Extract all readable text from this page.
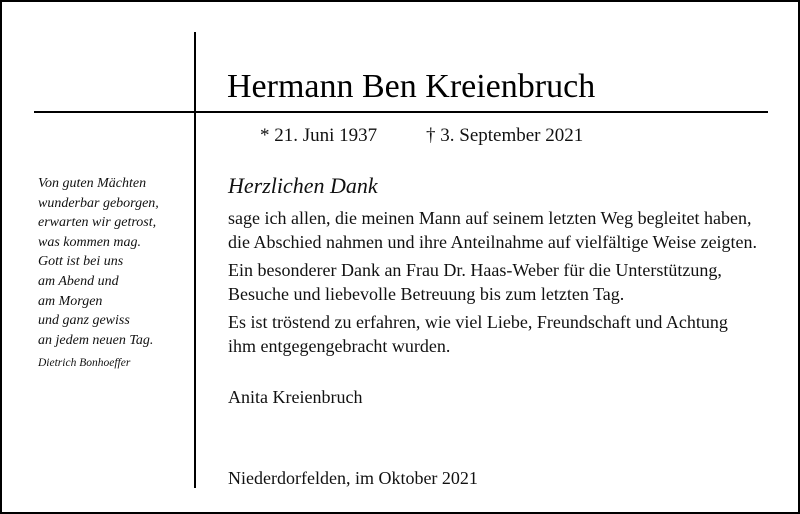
Hermann Ben Kreienbruch
* 21. Juni 1937	† 3. September 2021
Von guten Mächten
wunderbar geborgen,
erwarten wir getrost,
was kommen mag.
Gott ist bei uns
am Abend und
am Morgen
und ganz gewiss
an jedem neuen Tag.
Dietrich Bonhoeffer
Herzlichen Dank
sage ich allen, die meinen Mann auf seinem letzten Weg begleitet haben,
die Abschied nahmen und ihre Anteilnahme auf vielfältige Weise zeigten.
Ein besonderer Dank an Frau Dr. Haas-Weber für die Unterstützung,
Besuche und liebevolle Betreuung bis zum letzten Tag.
Es ist tröstend zu erfahren, wie viel Liebe, Freundschaft und Achtung
ihm entgegengebracht wurden.
Anita Kreienbruch
Niederdorfelden, im Oktober 2021
